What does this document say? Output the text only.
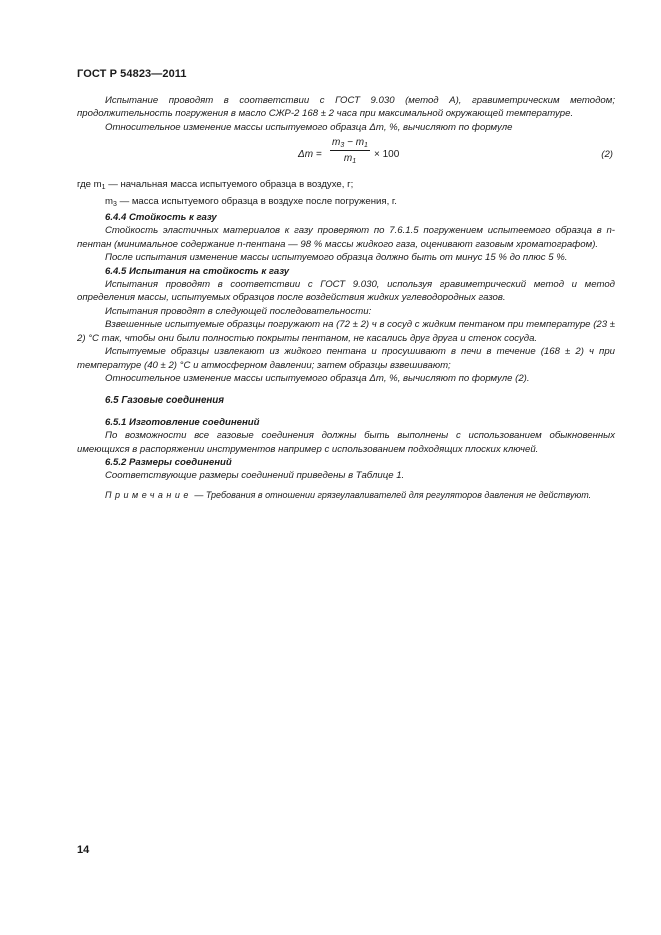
ГОСТ Р 54823—2011

Испытание проводят в соответствии с ГОСТ 9.030 (метод А), гравиметрическим методом; продолжительность погружения в масло СЖР-2 168 ± 2 часа при максимальной окружающей температуре.

Относительное изменение массы испытуемого образца Δm, %, вычисляют по формуле

Δm =
$m_3 - m_1$
$m_1$
× 100	(2)

где $m_1$ — начальная масса испытуемого образца в воздухе, г;

$m_3$ — масса испытуемого образца в воздухе после погружения, г.

6.4.4 Стойкость к газу

Стойкость эластичных материалов к газу проверяют по 7.6.1.5 погружением испытеемого образца в n-пентан (минимальное содержание n-пентана — 98 % массы жидкого газа, оценивают газовым хроматографом).

После испытания изменение массы испытуемого образца должно быть от минус 15 % до плюс 5 %.

6.4.5 Испытания на стойкость к газу

Испытания проводят в соответствии с ГОСТ 9.030, используя гравиметрический метод и метод определения массы, испытуемых образцов после воздействия жидких углеводородных газов.

Испытания проводят в следующей последовательности:

Взвешенные испытуемые образцы погружают на (72 ± 2) ч в сосуд с жидким пентаном при температуре (23 ± 2) °С так, чтобы они были полностью покрыты пентаном, не касались друг друга и стенок сосуда.

Испытуемые образцы извлекают из жидкого пентана и просушивают в печи в течение (168 ± 2) ч при температуре (40 ± 2) °С и атмосферном давлении; затем образцы взвешивают;

Относительное изменение массы испытуемого образца Δm, %, вычисляют по формуле (2).

6.5 Газовые соединения

6.5.1 Изготовление соединений

По возможности все газовые соединения должны быть выполнены с использованием обыкновенных имеющихся в распоряжении инструментов например с использованием подходящих плоских ключей.

6.5.2 Размеры соединений

Соответствующие размеры соединений приведены в Таблице 1.

Примечание — Требования в отношении грязеулавливателей для регуляторов давления не действуют.

14
